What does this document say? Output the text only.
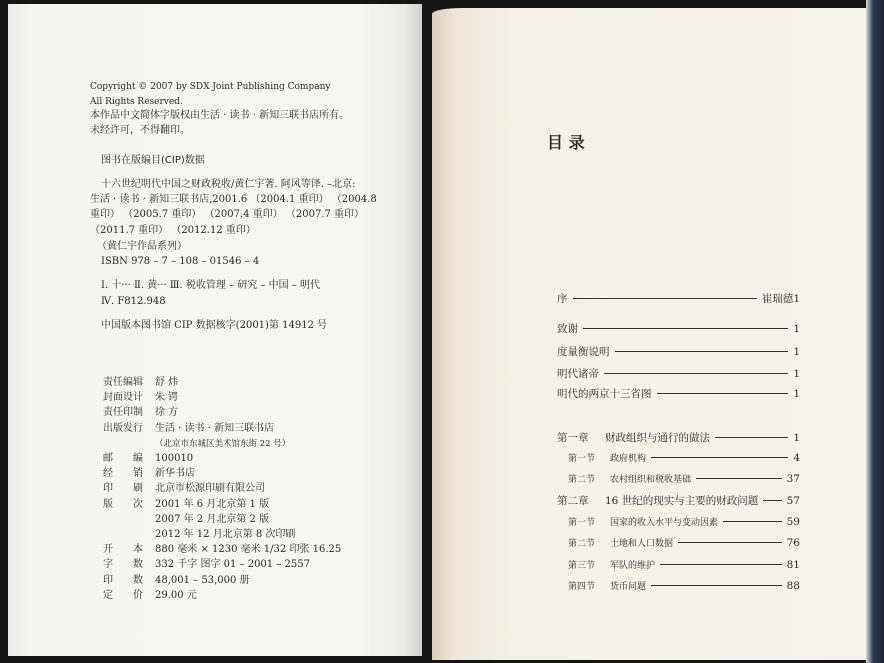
Copyright © 2007 by SDX Joint Publishing Company
All Rights Reserved.
本作品中文简体字版权由生活 · 读书 · 新知三联书店所有。
未经许可，不得翻印。
图书在版编目(CIP)数据
十六世纪明代中国之财政税收/黄仁宇著. 阿风等译. –北京:
生活 · 读书 · 新知三联书店,2001.6 （2004.1 重印） （2004.8
重印） （2005.7 重印） （2007.4 重印） （2007.7 重印）
（2011.7 重印） （2012.12 重印）
（黄仁宇作品系列）
ISBN 978 – 7 – 108 – 01546 – 4
Ⅰ. 十··· Ⅱ. 黄··· Ⅲ. 税收管理 – 研究 – 中国 – 明代
Ⅳ. F812.948
中国版本图书馆 CIP 数据核字(2001)第 14912 号
责任编辑 舒 炜
封面设计 朱 锷
责任印制 徐 方
出版发行 生活 · 读书 · 新知三联书店
（北京市东城区美术馆东街 22 号）
邮　　编 100010
经　　销 新华书店
印　　刷 北京市松源印刷有限公司
版　　次 2001 年 6 月北京第 1 版
2007 年 2 月北京第 2 版
2012 年 12 月北京第 8 次印刷
开　　本 880 毫米 × 1230 毫米 1/32 印张 16.25
字　　数 332 千字 图字 01 – 2001 – 2557
印　　数 48,001 – 53,000 册
定　　价 29.00 元
目 录
序	崔瑞德 1
致谢	1
度量衡说明	1
明代诸帝	1
明代的两京十三省图	1
第一章	财政组织与通行的做法	1
第一节	政府机构	4
第二节	农村组织和税收基础	37
第二章	16 世纪的现实与主要的财政问题	57
第一节	国家的收入水平与变动因素	59
第二节	土地和人口数据	76
第三节	军队的维护	81
第四节	货币问题	88
